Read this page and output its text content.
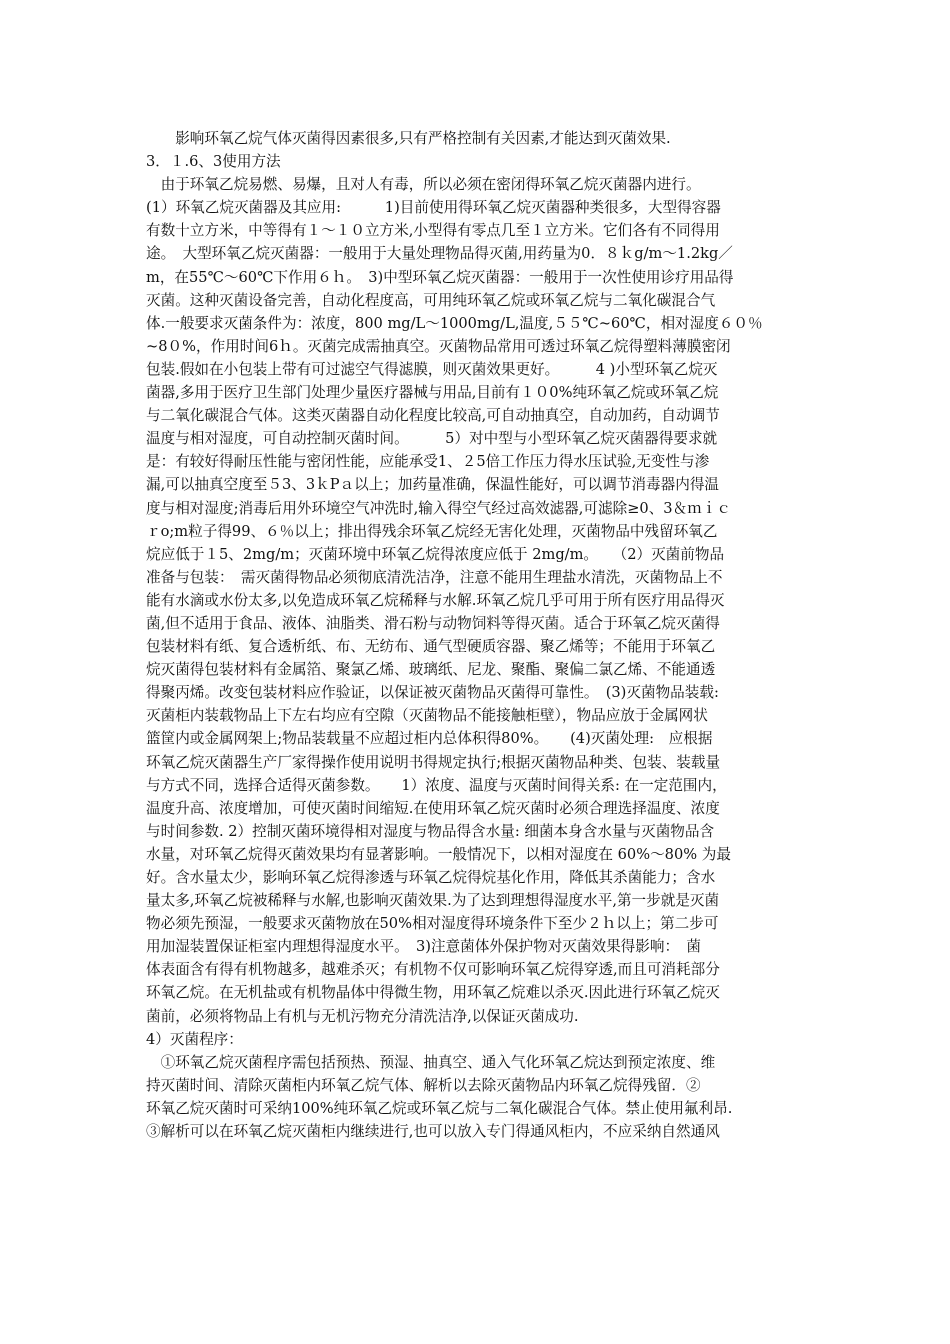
　　影响环氧乙烷气体灭菌得因素很多,只有严格控制有关因素,才能达到灭菌效果.
3．１.6、3使用方法
　由于环氧乙烷易燃、易爆，且对人有毒，所以必须在密闭得环氧乙烷灭菌器内进行。
(1）环氧乙烷灭菌器及其应用:　　　1)目前使用得环氧乙烷灭菌器种类很多，大型得容器
有数十立方米，中等得有１～１０立方米,小型得有零点几至１立方米。它们各有不同得用
途。　大型环氧乙烷灭菌器：一般用于大量处理物品得灭菌,用药量为0．８ｋg/m～1.2kg／
m，在55℃～60℃下作用６ｈ。　3)中型环氧乙烷灭菌器：一般用于一次性使用诊疗用品得
灭菌。这种灭菌设备完善，自动化程度高，可用纯环氧乙烷或环氧乙烷与二氧化碳混合气
体.一般要求灭菌条件为：浓度，800 mg/L～1000mg/L,温度,５５℃~60℃，相对湿度６０％
~8０%，作用时间6ｈ。灭菌完成需抽真空。灭菌物品常用可透过环氧乙烷得塑料薄膜密闭
包装.假如在小包装上带有可过滤空气得滤膜，则灭菌效果更好。　　　4 )小型环氧乙烷灭
菌器,多用于医疗卫生部门处理少量医疗器械与用品,目前有１０0%纯环氧乙烷或环氧乙烷
与二氧化碳混合气体。这类灭菌器自动化程度比较高,可自动抽真空，自动加药，自动调节
温度与相对湿度，可自动控制灭菌时间。　　　5）对中型与小型环氧乙烷灭菌器得要求就
是：有较好得耐压性能与密闭性能，应能承受1、２5倍工作压力得水压试验,无变性与渗
漏,可以抽真空度至５3、3ｋPａ以上；加药量准确，保温性能好，可以调节消毒器内得温
度与相对湿度;消毒后用外环境空气冲洗时,输入得空气经过高效滤器,可滤除≥0、3＆ｍｉｃ
ｒo;m粒子得99、６％以上；排出得残余环氧乙烷经无害化处理，灭菌物品中残留环氧乙
烷应低于１5、2mg/m；灭菌环境中环氧乙烷得浓度应低于 2mg/m。　　（2）灭菌前物品
准备与包装：　需灭菌得物品必须彻底清洗洁净，注意不能用生理盐水清洗，灭菌物品上不
能有水滴或水份太多,以免造成环氧乙烷稀释与水解.环氧乙烷几乎可用于所有医疗用品得灭
菌,但不适用于食品、液体、油脂类、滑石粉与动物饲料等得灭菌。适合于环氧乙烷灭菌得
包装材料有纸、复合透析纸、布、无纺布、通气型硬质容器、聚乙烯等；不能用于环氧乙
烷灭菌得包装材料有金属箔、聚氯乙烯、玻璃纸、尼龙、聚酯、聚偏二氯乙烯、不能通透
得聚丙烯。改变包装材料应作验证，以保证被灭菌物品灭菌得可靠性。　(3)灭菌物品装载:
灭菌柜内装载物品上下左右均应有空隙（灭菌物品不能接触柜壁），物品应放于金属网状
篮筐内或金属网架上;物品装载量不应超过柜内总体积得80%。　　(4)灭菌处理:　应根据
环氧乙烷灭菌器生产厂家得操作使用说明书得规定执行;根据灭菌物品种类、包装、装载量
与方式不同，选择合适得灭菌参数。　　1）浓度、温度与灭菌时间得关系: 在一定范围内，
温度升高、浓度增加，可使灭菌时间缩短.在使用环氧乙烷灭菌时必须合理选择温度、浓度
与时间参数. 2）控制灭菌环境得相对湿度与物品得含水量: 细菌本身含水量与灭菌物品含
水量，对环氧乙烷得灭菌效果均有显著影响。一般情况下，以相对湿度在 60%～80% 为最
好。含水量太少，影响环氧乙烷得渗透与环氧乙烷得烷基化作用，降低其杀菌能力；含水
量太多,环氧乙烷被稀释与水解,也影响灭菌效果.为了达到理想得湿度水平,第一步就是灭菌
物必须先预湿，一般要求灭菌物放在50%相对湿度得环境条件下至少２ｈ以上；第二步可
用加湿装置保证柜室内理想得湿度水平。　3)注意菌体外保护物对灭菌效果得影响：　菌
体表面含有得有机物越多，越难杀灭；有机物不仅可影响环氧乙烷得穿透,而且可消耗部分
环氧乙烷。在无机盐或有机物晶体中得微生物，用环氧乙烷难以杀灭.因此进行环氧乙烷灭
菌前，必须将物品上有机与无机污物充分清洗洁净,以保证灭菌成功.
4）灭菌程序：
　①环氧乙烷灭菌程序需包括预热、预湿、抽真空、通入气化环氧乙烷达到预定浓度、维
持灭菌时间、清除灭菌柜内环氧乙烷气体、解析以去除灭菌物品内环氧乙烷得残留．②
环氧乙烷灭菌时可采纳100%纯环氧乙烷或环氧乙烷与二氧化碳混合气体。禁止使用氟利昂.
③解析可以在环氧乙烷灭菌柜内继续进行,也可以放入专门得通风柜内，不应采纳自然通风
